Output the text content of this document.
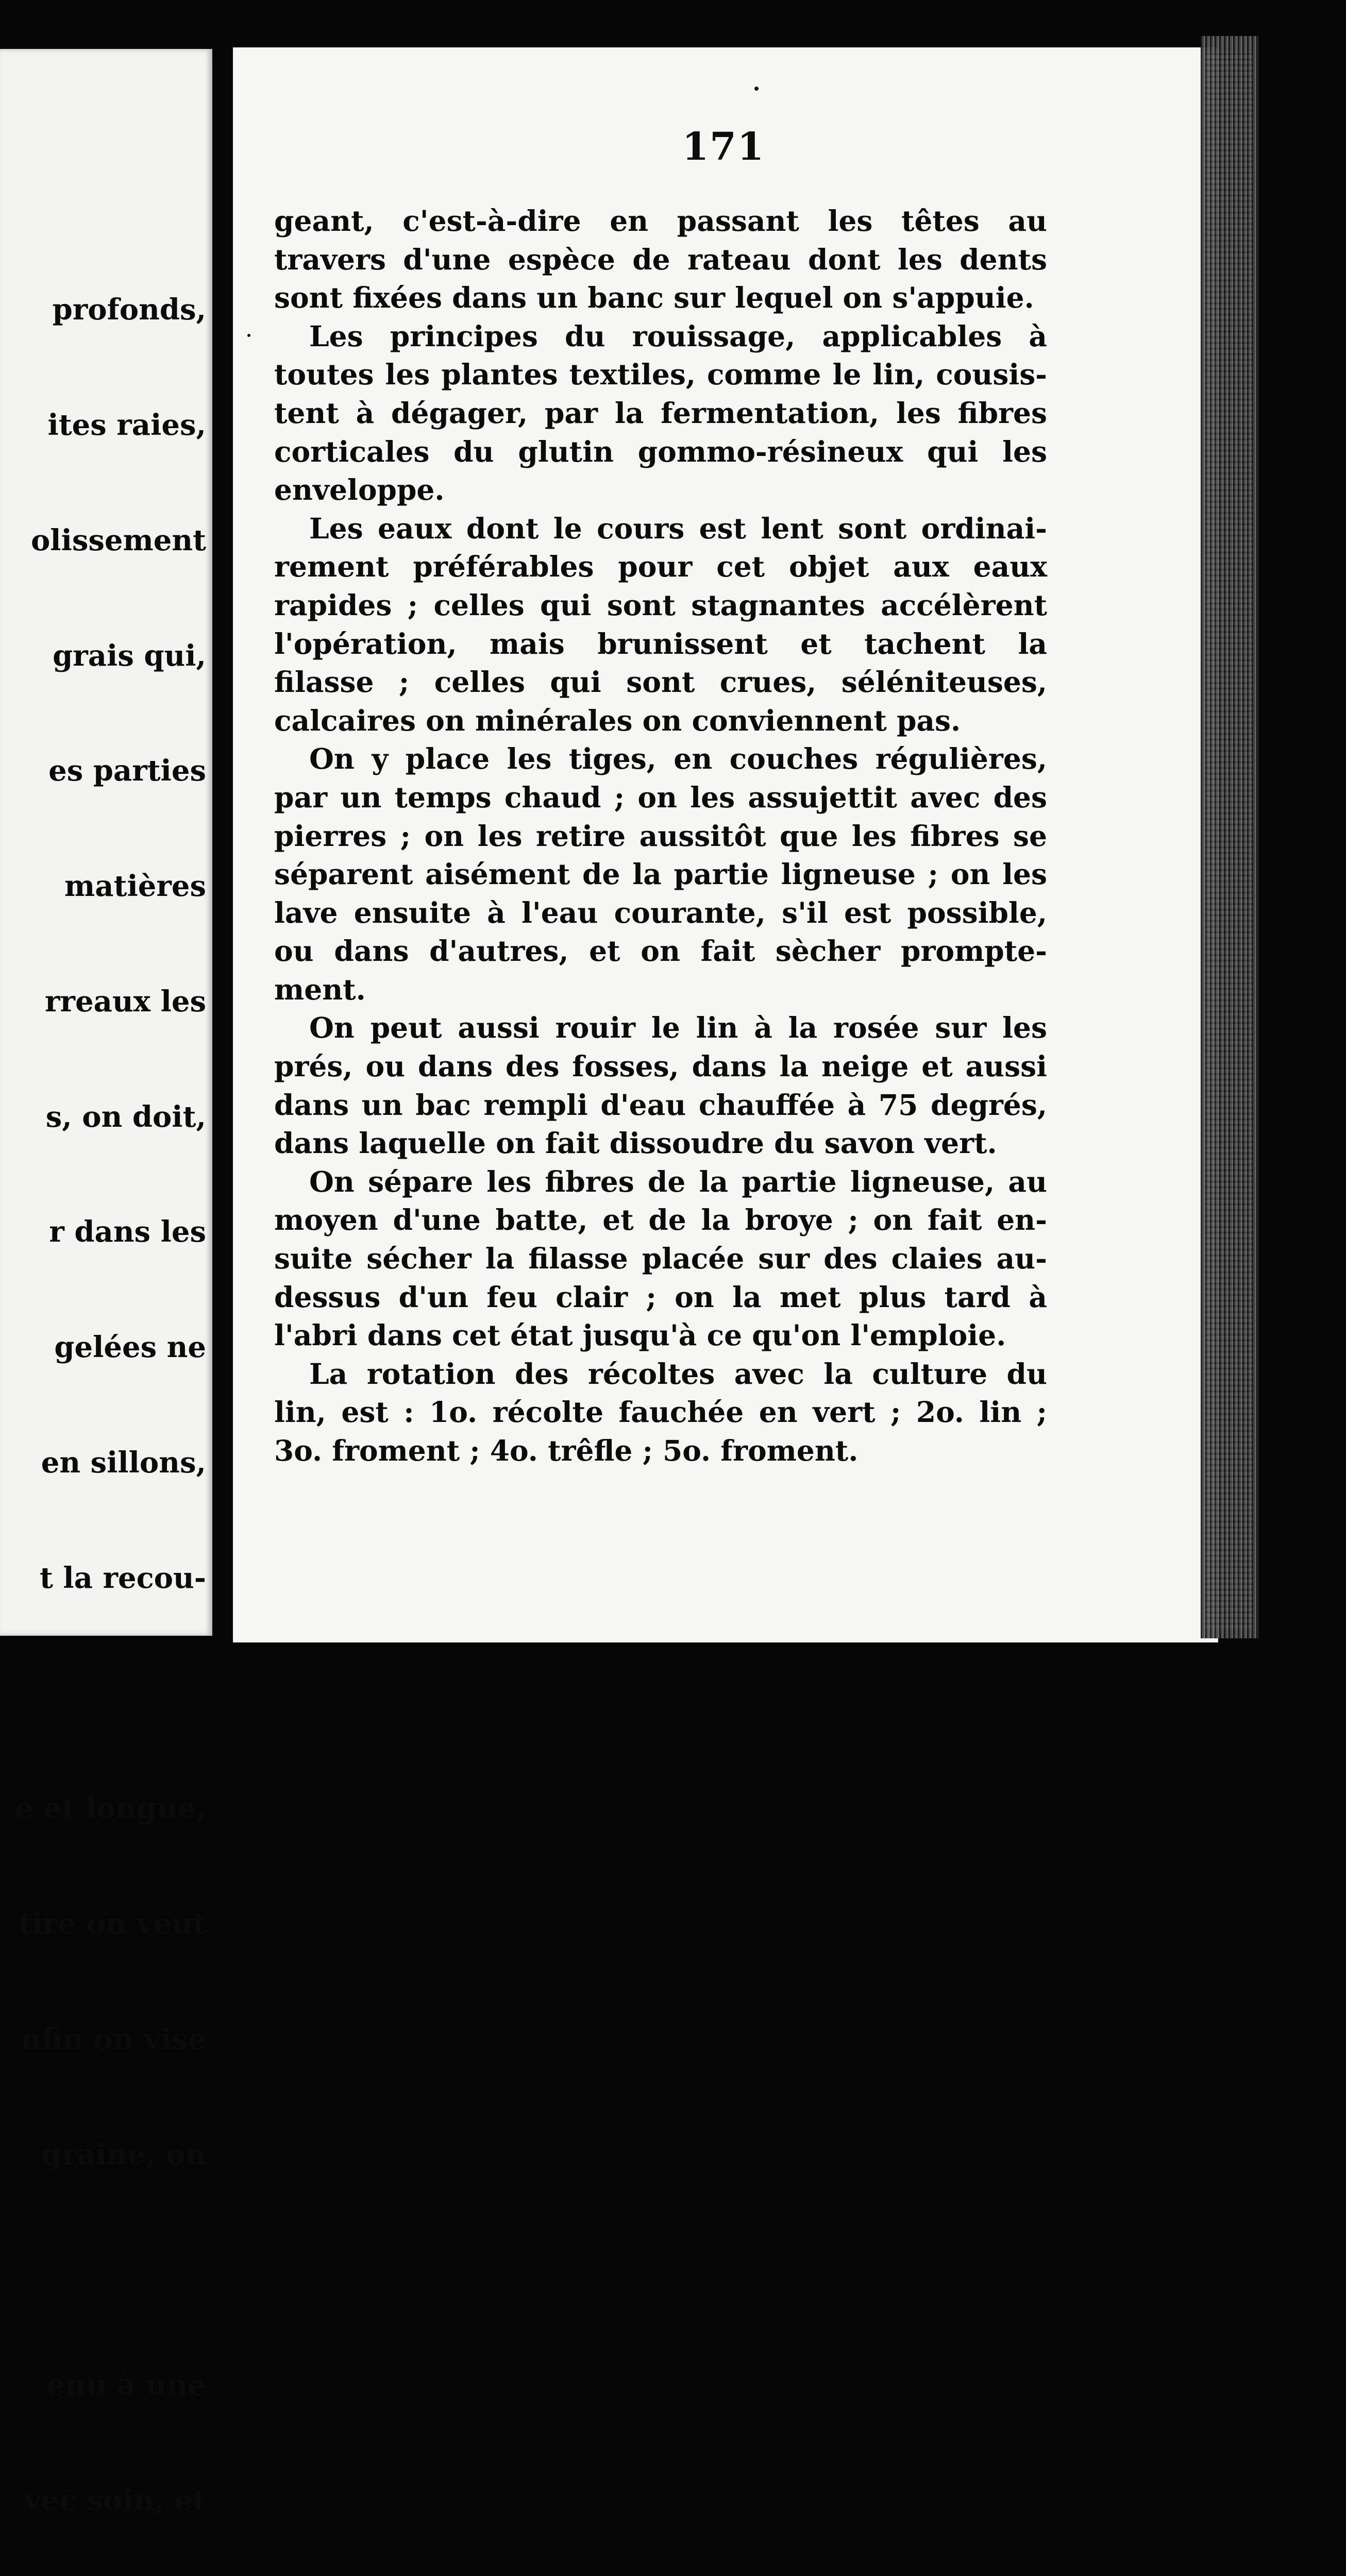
profonds,

ites raies,

olissement

grais qui,

es parties

matières

rreaux les

s, on doit,

r dans les

gelées ne

en sillons,

t la recou-

e et longue,

tire on veut

nfin on vise

graine, on

enu à une

vec soin, et

171
geant, c'est-à-dire en passant les têtes au
travers d'une espèce de rateau dont les dents
sont fixées dans un banc sur lequel on s'appuie.
Les principes du rouissage, applicables à
toutes les plantes textiles, comme le lin, cousis-
tent à dégager, par la fermentation, les fibres
corticales du glutin gommo-résineux qui les
enveloppe.
Les eaux dont le cours est lent sont ordinai-
rement préférables pour cet objet aux eaux
rapides ; celles qui sont stagnantes accélèrent
l'opération, mais brunissent et tachent la
filasse ; celles qui sont crues, séléniteuses,
calcaires on minérales on conviennent pas.
On y place les tiges, en couches régulières,
par un temps chaud ; on les assujettit avec des
pierres ; on les retire aussitôt que les fibres se
séparent aisément de la partie ligneuse ; on les
lave ensuite à l'eau courante, s'il est possible,
ou dans d'autres, et on fait sècher prompte-
ment.
On peut aussi rouir le lin à la rosée sur les
prés, ou dans des fosses, dans la neige et aussi
dans un bac rempli d'eau chauffée à 75 degrés,
dans laquelle on fait dissoudre du savon vert.
On sépare les fibres de la partie ligneuse, au
moyen d'une batte, et de la broye ; on fait en-
suite sécher la filasse placée sur des claies au-
dessus d'un feu clair ; on la met plus tard à
l'abri dans cet état jusqu'à ce qu'on l'emploie.
La rotation des récoltes avec la culture du
lin, est : 1o. récolte fauchée en vert ; 2o. lin ;
3o. froment ; 4o. trêfle ; 5o. froment.
